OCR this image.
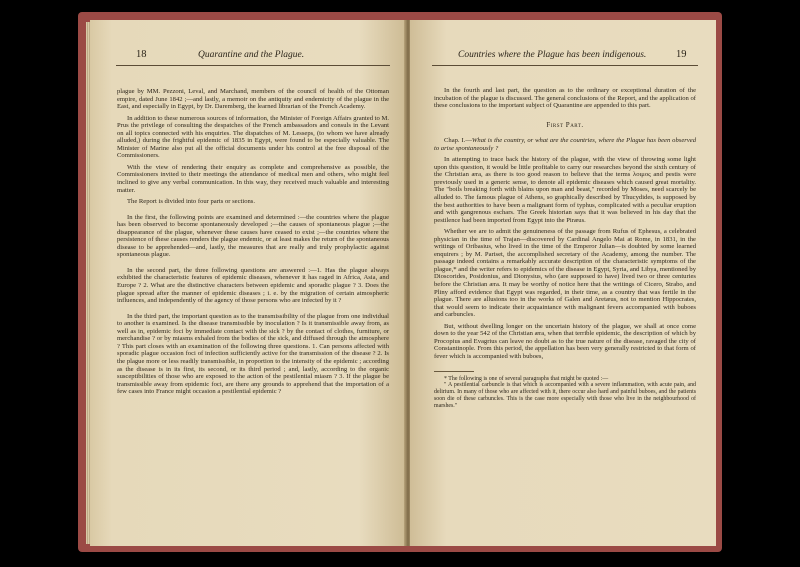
18	Quarantine and the Plague.

plague by MM. Pezzoni, Leval, and Marchand, members of the council of health of the Ottoman empire, dated June 1842 ;—and lastly, a memoir on the antiquity and endemicity of the plague in the East, and especially in Egypt, by Dr. Daremberg, the learned librarian of the French Academy.

In addition to these numerous sources of information, the Minister of Foreign Affairs granted to M. Prus the privilege of consulting the despatches of the French ambassadors and consuls in the Levant on all topics connected with his enquiries. The dispatches of M. Lesseps, (to whom we have already alluded,) during the frightful epidemic of 1835 in Egypt, were found to be especially valuable. The Minister of Marine also put all the official documents under his control at the free disposal of the Commissioners.

With the view of rendering their enquiry as complete and comprehensive as possible, the Commissioners invited to their meetings the attendance of medical men and others, who might feel inclined to give any verbal communication. In this way, they received much valuable and interesting matter.

The Report is divided into four parts or sections.

In the first, the following points are examined and determined :—the countries where the plague has been observed to become spontaneously developed ;—the causes of spontaneous plague ;—the disappearance of the plague, whenever these causes have ceased to exist ;—the countries where the persistence of these causes renders the plague endemic, or at least makes the return of the spontaneous disease to be apprehended—and, lastly, the measures that are really and truly prophylactic against spontaneous plague.

In the second part, the three following questions are answered :—1. Has the plague always exhibited the characteristic features of epidemic diseases, whenever it has raged in Africa, Asia, and Europe ? 2. What are the distinctive characters between epidemic and sporadic plague ? 3. Does the plague spread after the manner of epidemic diseases ; i. e. by the migration of certain atmospheric influences, and independently of the agency of those persons who are infected by it ?

In the third part, the important question as to the transmissibility of the plague from one individual to another is examined. Is the disease transmissible by inoculation ? Is it transmissible away from, as well as in, epidemic foci by immediate contact with the sick ? by the contact of clothes, furniture, or merchandise ? or by miasms exhaled from the bodies of the sick, and diffused through the atmosphere ? This part closes with an examination of the following three questions. 1. Can persons affected with sporadic plague occasion foci of infection sufficiently active for the transmission of the disease ? 2. Is the plague more or less readily transmissible, in proportion to the intensity of the epidemic ; according as the disease is in its first, its second, or its third period ; and, lastly, according to the organic susceptibilities of those who are exposed to the action of the pestilential miasm ? 3. If the plague be transmissible away from epidemic foci, are there any grounds to apprehend that the importation of a few cases into France might occasion a pestilential epidemic ?

Countries where the Plague has been indigenous.	19

In the fourth and last part, the question as to the ordinary or exceptional duration of the incubation of the plague is discussed. The general conclusions of the Report, and the application of these conclusions to the important subject of Quarantine are appended to this part.

First Part.

Chap. I.—What is the country, or what are the countries, where the Plague has been observed to arise spontaneously ?

In attempting to trace back the history of the plague, with the view of throwing some light upon this question, it would be little profitable to carry our researches beyond the sixth century of the Christian æra, as there is too good reason to believe that the terms λοιμος and pestis were previously used in a generic sense, to denote all epidemic diseases which caused great mortality. The "boils breaking forth with blains upon man and beast," recorded by Moses, need scarcely be alluded to. The famous plague of Athens, so graphically described by Thucydides, is supposed by the best authorities to have been a malignant form of typhus, complicated with a peculiar eruption and with gangrenous eschars. The Greek historian says that it was believed in his day that the pestilence had been imported from Egypt into the Piræus.

Whether we are to admit the genuineness of the passage from Rufus of Ephesus, a celebrated physician in the time of Trajan—discovered by Cardinal Angelo Mai at Rome, in 1831, in the writings of Oribasius, who lived in the time of the Emperor Julian—is doubted by some learned enquirers ; by M. Pariset, the accomplished secretary of the Academy, among the number. The passage indeed contains a remarkably accurate description of the characteristic symptoms of the plague,* and the writer refers to epidemics of the disease in Egypt, Syria, and Libya, mentioned by Dioscorides, Posidonius, and Dionysius, who (are supposed to have) lived two or three centuries before the Christian æra. It may be worthy of notice here that the writings of Cicero, Strabo, and Pliny afford evidence that Egypt was regarded, in their time, as a country that was fertile in the plague. There are allusions too in the works of Galen and Aretæus, not to mention Hippocrates, that would seem to indicate their acquaintance with malignant fevers accompanied with buboes and carbuncles.

But, without dwelling longer on the uncertain history of the plague, we shall at once come down to the year 542 of the Christian æra, when that terrible epidemic, the description of which by Procopius and Evagrius can leave no doubt as to the true nature of the disease, ravaged the city of Constantinople. From this period, the appellation has been very generally restricted to that form of fever which is accompanied with buboes,

* The following is one of several paragraphs that might be quoted :—

" A pestilential carbuncle is that which is accompanied with a severe inflammation, with acute pain, and delirium. In many of those who are affected with it, there occur also hard and painful buboes, and the patients soon die of these carbuncles. This is the case more especially with those who live in the neighbourhood of marshes."
